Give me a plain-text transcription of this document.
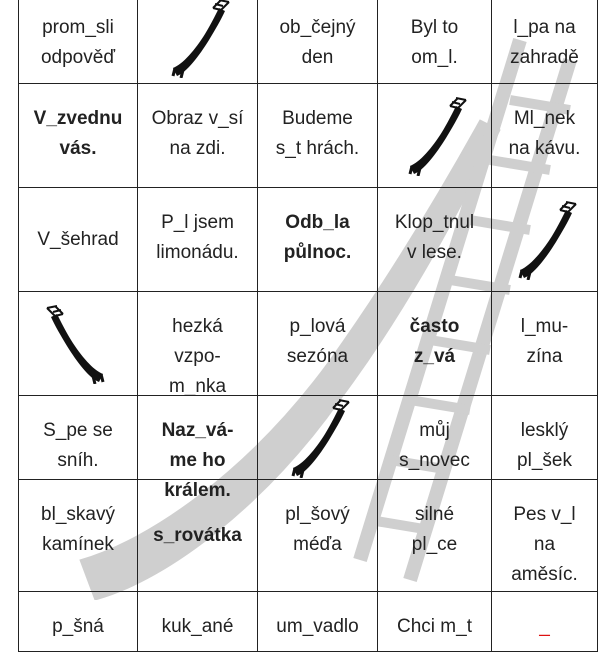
prom_sli
odpověď
ob_čejný
den
Byl to
om_l.
l_pa na
zahradě
V_zvednu
vás.
Obraz v_sí
na zdi.
Budeme
s_t hrách.
Ml_nek
na kávu.
V_šehrad
P_l jsem
limonádu.
Odb_la
půlnoc.
Klop_tnul
v lese.
hezká
vzpo-
m_nka
p_lová
sezóna
často
z_vá
l_mu-
zína
S_pe se
sníh.
Naz_vá-
me ho
králem.
můj
s_novec
lesklý
pl_šek
bl_skavý
kamínek s_rovátka
pl_šový
méďa
silné
pl_ce
Pes v_l
na
aměsíc.
p_šná	kuk_ané um_vadlo Chci m_t	_
